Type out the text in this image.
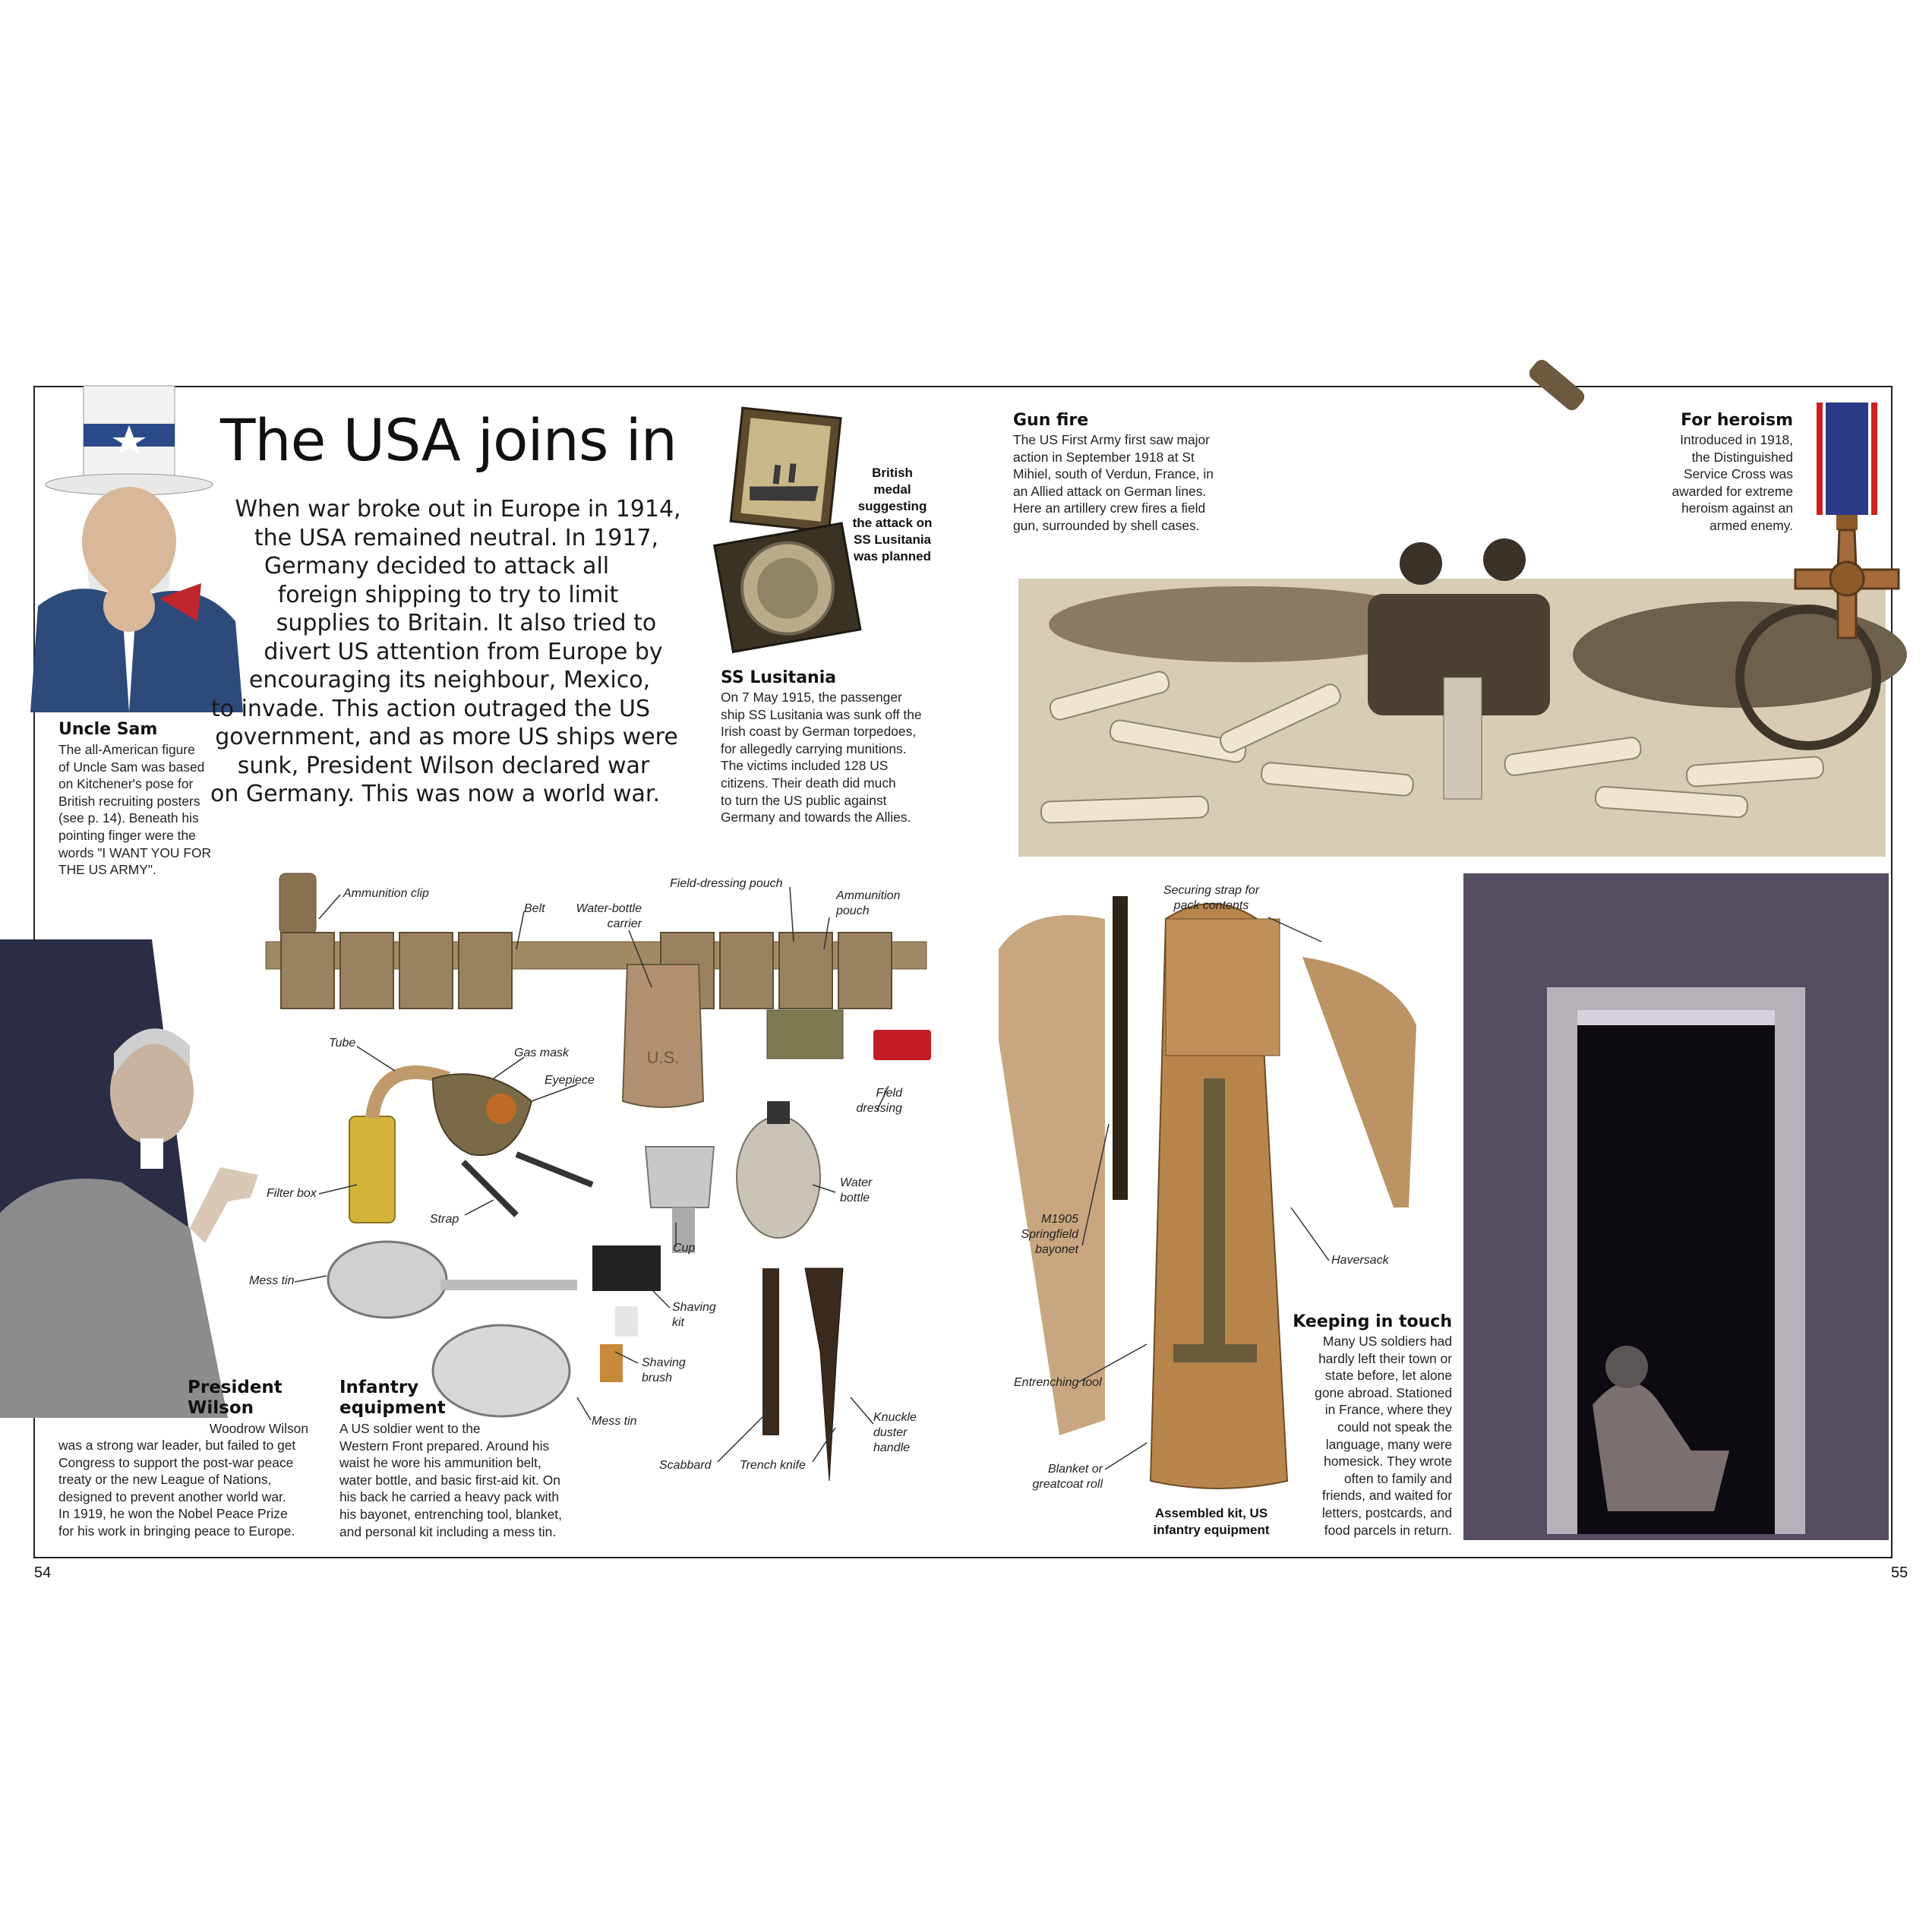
The USA joins in
When war broke out in Europe in 1914,
the USA remained neutral. In 1917,
Germany decided to attack all
foreign shipping to try to limit
supplies to Britain. It also tried to
divert US attention from Europe by
encouraging its neighbour, Mexico,
to invade. This action outraged the US
government, and as more US ships were
sunk, President Wilson declared war
on Germany. This was now a world war.
Uncle Sam
The all-American figure
of Uncle Sam was based
on Kitchener's pose for
British recruiting posters
(see p. 14). Beneath his
pointing finger were the
words "I WANT YOU FOR
THE US ARMY".
British
medal
suggesting
the attack on
SS Lusitania
was planned
SS Lusitania
On 7 May 1915, the passenger
ship SS Lusitania was sunk off the
Irish coast by German torpedoes,
for allegedly carrying munitions.
The victims included 128 US
citizens. Their death did much
to turn the US public against
Germany and towards the Allies.
Gun fire
The US First Army first saw major
action in September 1918 at St
Mihiel, south of Verdun, France, in
an Allied attack on German lines.
Here an artillery crew fires a field
gun, surrounded by shell cases.
For heroism
Introduced in 1918,
the Distinguished
Service Cross was
awarded for extreme
heroism against an
armed enemy.
President
Wilson
Woodrow Wilson
was a strong war leader, but failed to get
Congress to support the post-war peace
treaty or the new League of Nations,
designed to prevent another world war.
In 1919, he won the Nobel Peace Prize
for his work in bringing peace to Europe.
Infantry
equipment
A US soldier went to the
Western Front prepared. Around his
waist he wore his ammunition belt,
water bottle, and basic first-aid kit. On
his back he carried a heavy pack with
his bayonet, entrenching tool, blanket,
and personal kit including a mess tin.
U.S.
Keeping in touch
Many US soldiers had
hardly left their town or
state before, let alone
gone abroad. Stationed
in France, where they
could not speak the
language, many were
homesick. They wrote
often to family and
friends, and waited for
letters, postcards, and
food parcels in return.
Assembled kit, US
infantry equipment
Ammunition clip
Belt	Water-bottle
carrier
Field-dressing pouch
Ammunition
pouch
Tube
Gas mask
Eyepiece
Filter box
Strap
Field
dressing
Water
bottle
Cup
Mess tin
Shaving
kit
Shaving
brush
Mess tin
Scabbard Trench knife
Knuckle
duster
handle
Securing strap for
pack contents
M1905
Springfield
bayonet
Haversack
Entrenching tool
Blanket or
greatcoat roll
54	55
